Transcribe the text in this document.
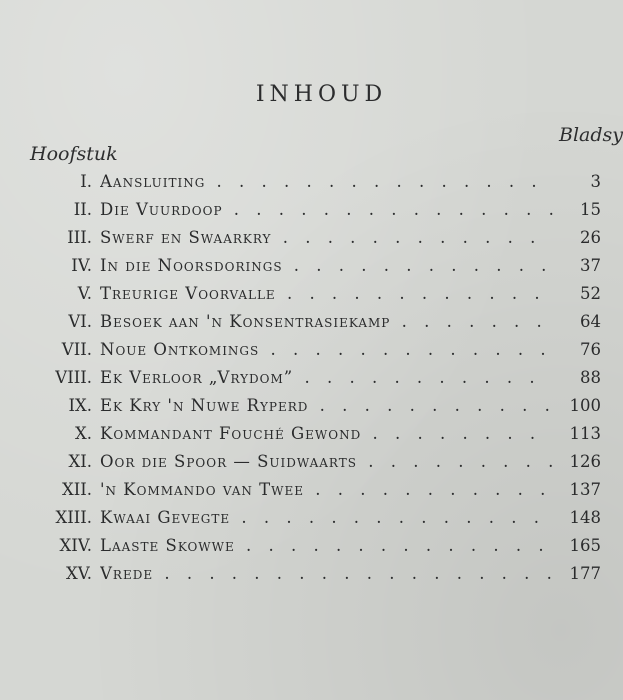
INHOUD
Hoofstuk
Bladsy
I. Aansluiting . .	3
II. Die Vuurdoop . .	15
III. Swerf en Swaarkry . .	26
IV. In die Noorsdorings . .	37
V. Treurige Voorvalle . .	52
VI. Besoek aan 'n Konsentrasiekamp . .	64
VII. Noue Ontkomings . .	76
VIII. Ek Verloor „Vrydom” . .	88
IX. Ek Kry 'n Nuwe Ryperd . .	100
X. Kommandant Fouché Gewond . .	113
XI. Oor die Spoor — Suidwaarts . .	126
XII. 'n Kommando van Twee . .	137
XIII. Kwaai Gevegte . .	148
XIV. Laaste Skowwe . .	165
XV. Vrede . .	177
